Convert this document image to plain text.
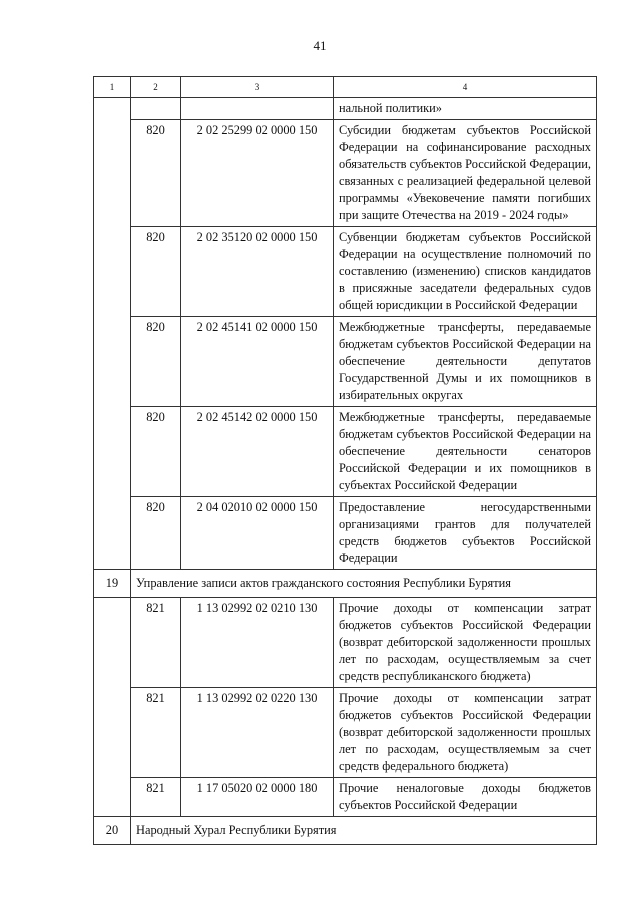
41
1	2	3	4
			нальной политики»
	820	2 02 25299 02 0000 150	Субсидии бюджетам субъектов Российской Федерации на софинансирование расходных обязательств субъектов Российской Федерации, связанных с реализацией федеральной целевой программы «Увековечение памяти погибших при защите Отечества на 2019 - 2024 годы»
	820	2 02 35120 02 0000 150	Субвенции бюджетам субъектов Российской Федерации на осуществление полномочий по составлению (изменению) списков кандидатов в присяжные заседатели федеральных судов общей юрисдикции в Российской Федерации
	820	2 02 45141 02 0000 150	Межбюджетные трансферты, передаваемые бюджетам субъектов Российской Федерации на обеспечение деятельности депутатов Государственной Думы и их помощников в избирательных округах
	820	2 02 45142 02 0000 150	Межбюджетные трансферты, передаваемые бюджетам субъектов Российской Федерации на обеспечение деятельности сенаторов Российской Федерации и их помощников в субъектах Российской Федерации
	820	2 04 02010 02 0000 150	Предоставление негосударственными организациями грантов для получателей средств бюджетов субъектов Российской Федерации
19	Управление записи актов гражданского состояния Республики Бурятия		
	821	1 13 02992 02 0210 130	Прочие доходы от компенсации затрат бюджетов субъектов Российской Федерации (возврат дебиторской задолженности прошлых лет по расходам, осуществляемым за счет средств республиканского бюджета)
	821	1 13 02992 02 0220 130	Прочие доходы от компенсации затрат бюджетов субъектов Российской Федерации (возврат дебиторской задолженности прошлых лет по расходам, осуществляемым за счет средств федерального бюджета)
	821	1 17 05020 02 0000 180	Прочие неналоговые доходы бюджетов субъектов Российской Федерации
20	Народный Хурал Республики Бурятия		
